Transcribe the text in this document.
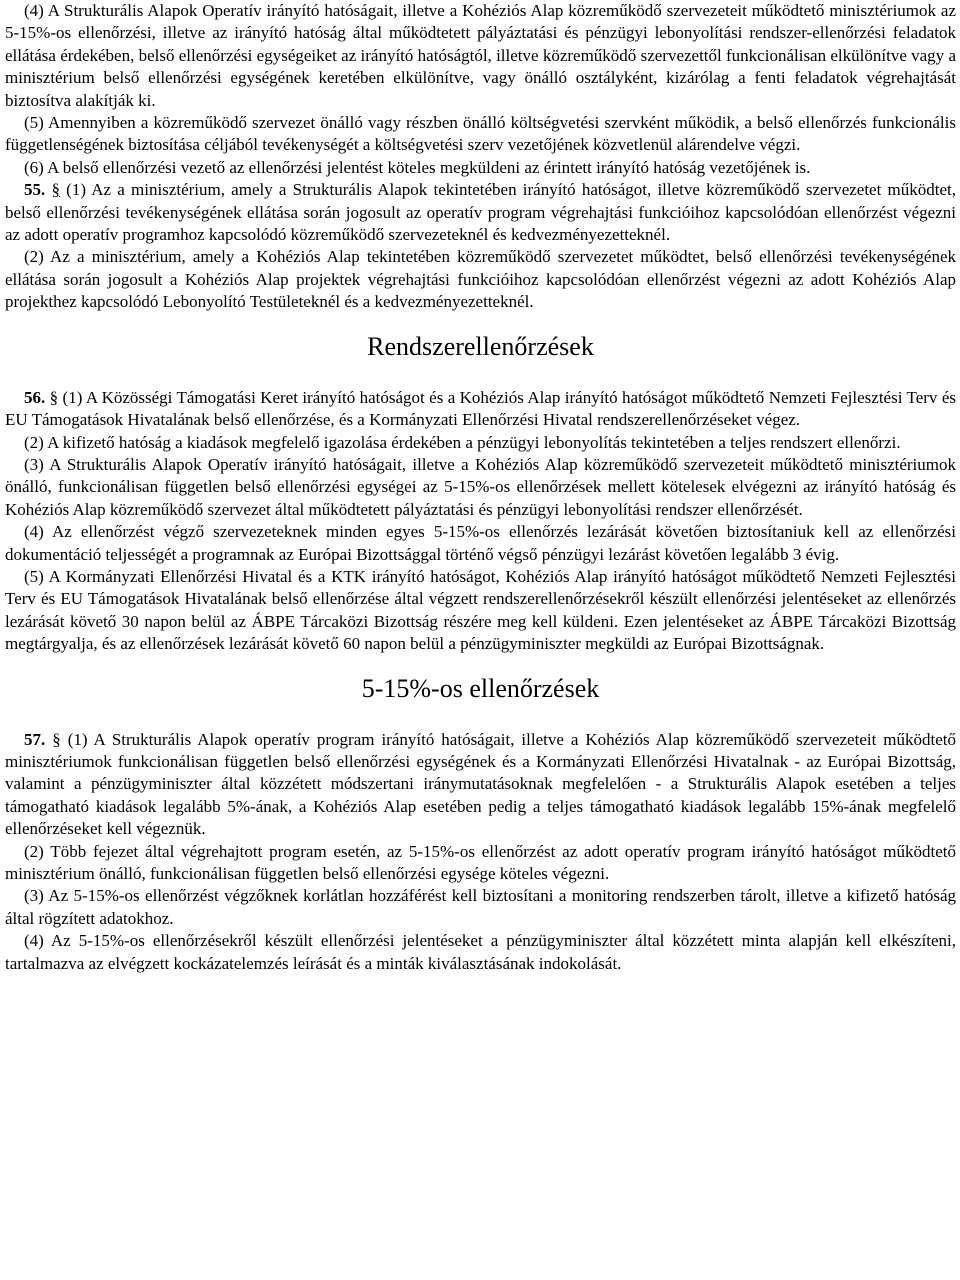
(4) A Strukturális Alapok Operatív irányító hatóságait, illetve a Kohéziós Alap közreműködő szervezeteit működtető minisztériumok az 5-15%-os ellenőrzési, illetve az irányító hatóság által működtetett pályáztatási és pénzügyi lebonyolítási rendszer-ellenőrzési feladatok ellátása érdekében, belső ellenőrzési egységeiket az irányító hatóságtól, illetve közreműködő szervezettől funkcionálisan elkülönítve vagy a minisztérium belső ellenőrzési egységének keretében elkülönítve, vagy önálló osztályként, kizárólag a fenti feladatok végrehajtását biztosítva alakítják ki.

(5) Amennyiben a közreműködő szervezet önálló vagy részben önálló költségvetési szervként működik, a belső ellenőrzés funkcionális függetlenségének biztosítása céljából tevékenységét a költségvetési szerv vezetőjének közvetlenül alárendelve végzi.

(6) A belső ellenőrzési vezető az ellenőrzési jelentést köteles megküldeni az érintett irányító hatóság vezetőjének is.

55. § (1) Az a minisztérium, amely a Strukturális Alapok tekintetében irányító hatóságot, illetve közreműködő szervezetet működtet, belső ellenőrzési tevékenységének ellátása során jogosult az operatív program végrehajtási funkcióihoz kapcsolódóan ellenőrzést végezni az adott operatív programhoz kapcsolódó közreműködő szervezeteknél és kedvezményezetteknél.

(2) Az a minisztérium, amely a Kohéziós Alap tekintetében közreműködő szervezetet működtet, belső ellenőrzési tevékenységének ellátása során jogosult a Kohéziós Alap projektek végrehajtási funkcióihoz kapcsolódóan ellenőrzést végezni az adott Kohéziós Alap projekthez kapcsolódó Lebonyolító Testületeknél és a kedvezményezetteknél.

Rendszerellenőrzések

56. § (1) A Közösségi Támogatási Keret irányító hatóságot és a Kohéziós Alap irányító hatóságot működtető Nemzeti Fejlesztési Terv és EU Támogatások Hivatalának belső ellenőrzése, és a Kormányzati Ellenőrzési Hivatal rendszerellenőrzéseket végez.

(2) A kifizető hatóság a kiadások megfelelő igazolása érdekében a pénzügyi lebonyolítás tekintetében a teljes rendszert ellenőrzi.

(3) A Strukturális Alapok Operatív irányító hatóságait, illetve a Kohéziós Alap közreműködő szervezeteit működtető minisztériumok önálló, funkcionálisan független belső ellenőrzési egységei az 5-15%-os ellenőrzések mellett kötelesek elvégezni az irányító hatóság és Kohéziós Alap közreműködő szervezet által működtetett pályáztatási és pénzügyi lebonyolítási rendszer ellenőrzését.

(4) Az ellenőrzést végző szervezeteknek minden egyes 5-15%-os ellenőrzés lezárását követően biztosítaniuk kell az ellenőrzési dokumentáció teljességét a programnak az Európai Bizottsággal történő végső pénzügyi lezárást követően legalább 3 évig.

(5) A Kormányzati Ellenőrzési Hivatal és a KTK irányító hatóságot, Kohéziós Alap irányító hatóságot működtető Nemzeti Fejlesztési Terv és EU Támogatások Hivatalának belső ellenőrzése által végzett rendszerellenőrzésekről készült ellenőrzési jelentéseket az ellenőrzés lezárását követő 30 napon belül az ÁBPE Tárcaközi Bizottság részére meg kell küldeni. Ezen jelentéseket az ÁBPE Tárcaközi Bizottság megtárgyalja, és az ellenőrzések lezárását követő 60 napon belül a pénzügyminiszter megküldi az Európai Bizottságnak.

5-15%-os ellenőrzések

57. § (1) A Strukturális Alapok operatív program irányító hatóságait, illetve a Kohéziós Alap közreműködő szervezeteit működtető minisztériumok funkcionálisan független belső ellenőrzési egységének és a Kormányzati Ellenőrzési Hivatalnak - az Európai Bizottság, valamint a pénzügyminiszter által közzétett módszertani iránymutatásoknak megfelelően - a Strukturális Alapok esetében a teljes támogatható kiadások legalább 5%-ának, a Kohéziós Alap esetében pedig a teljes támogatható kiadások legalább 15%-ának megfelelő ellenőrzéseket kell végeznük.

(2) Több fejezet által végrehajtott program esetén, az 5-15%-os ellenőrzést az adott operatív program irányító hatóságot működtető minisztérium önálló, funkcionálisan független belső ellenőrzési egysége köteles végezni.

(3) Az 5-15%-os ellenőrzést végzőknek korlátlan hozzáférést kell biztosítani a monitoring rendszerben tárolt, illetve a kifizető hatóság által rögzített adatokhoz.

(4) Az 5-15%-os ellenőrzésekről készült ellenőrzési jelentéseket a pénzügyminiszter által közzétett minta alapján kell elkészíteni, tartalmazva az elvégzett kockázatelemzés leírását és a minták kiválasztásának indokolását.
